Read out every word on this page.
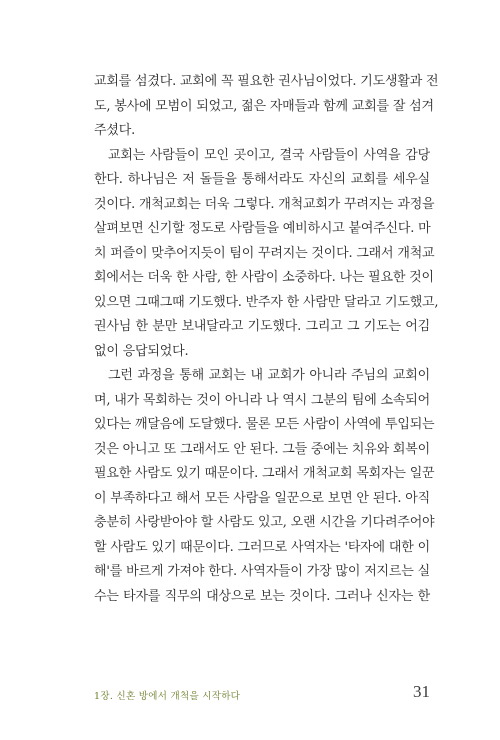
교회를 섬겼다. 교회에 꼭 필요한 권사님이었다. 기도생활과 전
도, 봉사에 모범이 되었고, 젊은 자매들과 함께 교회를 잘 섬겨
주셨다.
교회는 사람들이 모인 곳이고, 결국 사람들이 사역을 감당
한다. 하나님은 저 돌들을 통해서라도 자신의 교회를 세우실
것이다. 개척교회는 더욱 그렇다. 개척교회가 꾸려지는 과정을
살펴보면 신기할 정도로 사람들을 예비하시고 붙여주신다. 마
치 퍼즐이 맞추어지듯이 팀이 꾸려지는 것이다. 그래서 개척교
회에서는 더욱 한 사람, 한 사람이 소중하다. 나는 필요한 것이
있으면 그때그때 기도했다. 반주자 한 사람만 달라고 기도했고,
권사님 한 분만 보내달라고 기도했다. 그리고 그 기도는 어김
없이 응답되었다.
그런 과정을 통해 교회는 내 교회가 아니라 주님의 교회이
며, 내가 목회하는 것이 아니라 나 역시 그분의 팀에 소속되어
있다는 깨달음에 도달했다. 물론 모든 사람이 사역에 투입되는
것은 아니고 또 그래서도 안 된다. 그들 중에는 치유와 회복이
필요한 사람도 있기 때문이다. 그래서 개척교회 목회자는 일꾼
이 부족하다고 해서 모든 사람을 일꾼으로 보면 안 된다. 아직
충분히 사랑받아야 할 사람도 있고, 오랜 시간을 기다려주어야
할 사람도 있기 때문이다. 그러므로 사역자는 '타자에 대한 이
해'를 바르게 가져야 한다. 사역자들이 가장 많이 저지르는 실
수는 타자를 직무의 대상으로 보는 것이다. 그러나 신자는 한
1장. 신혼 방에서 개척을 시작하다	31
